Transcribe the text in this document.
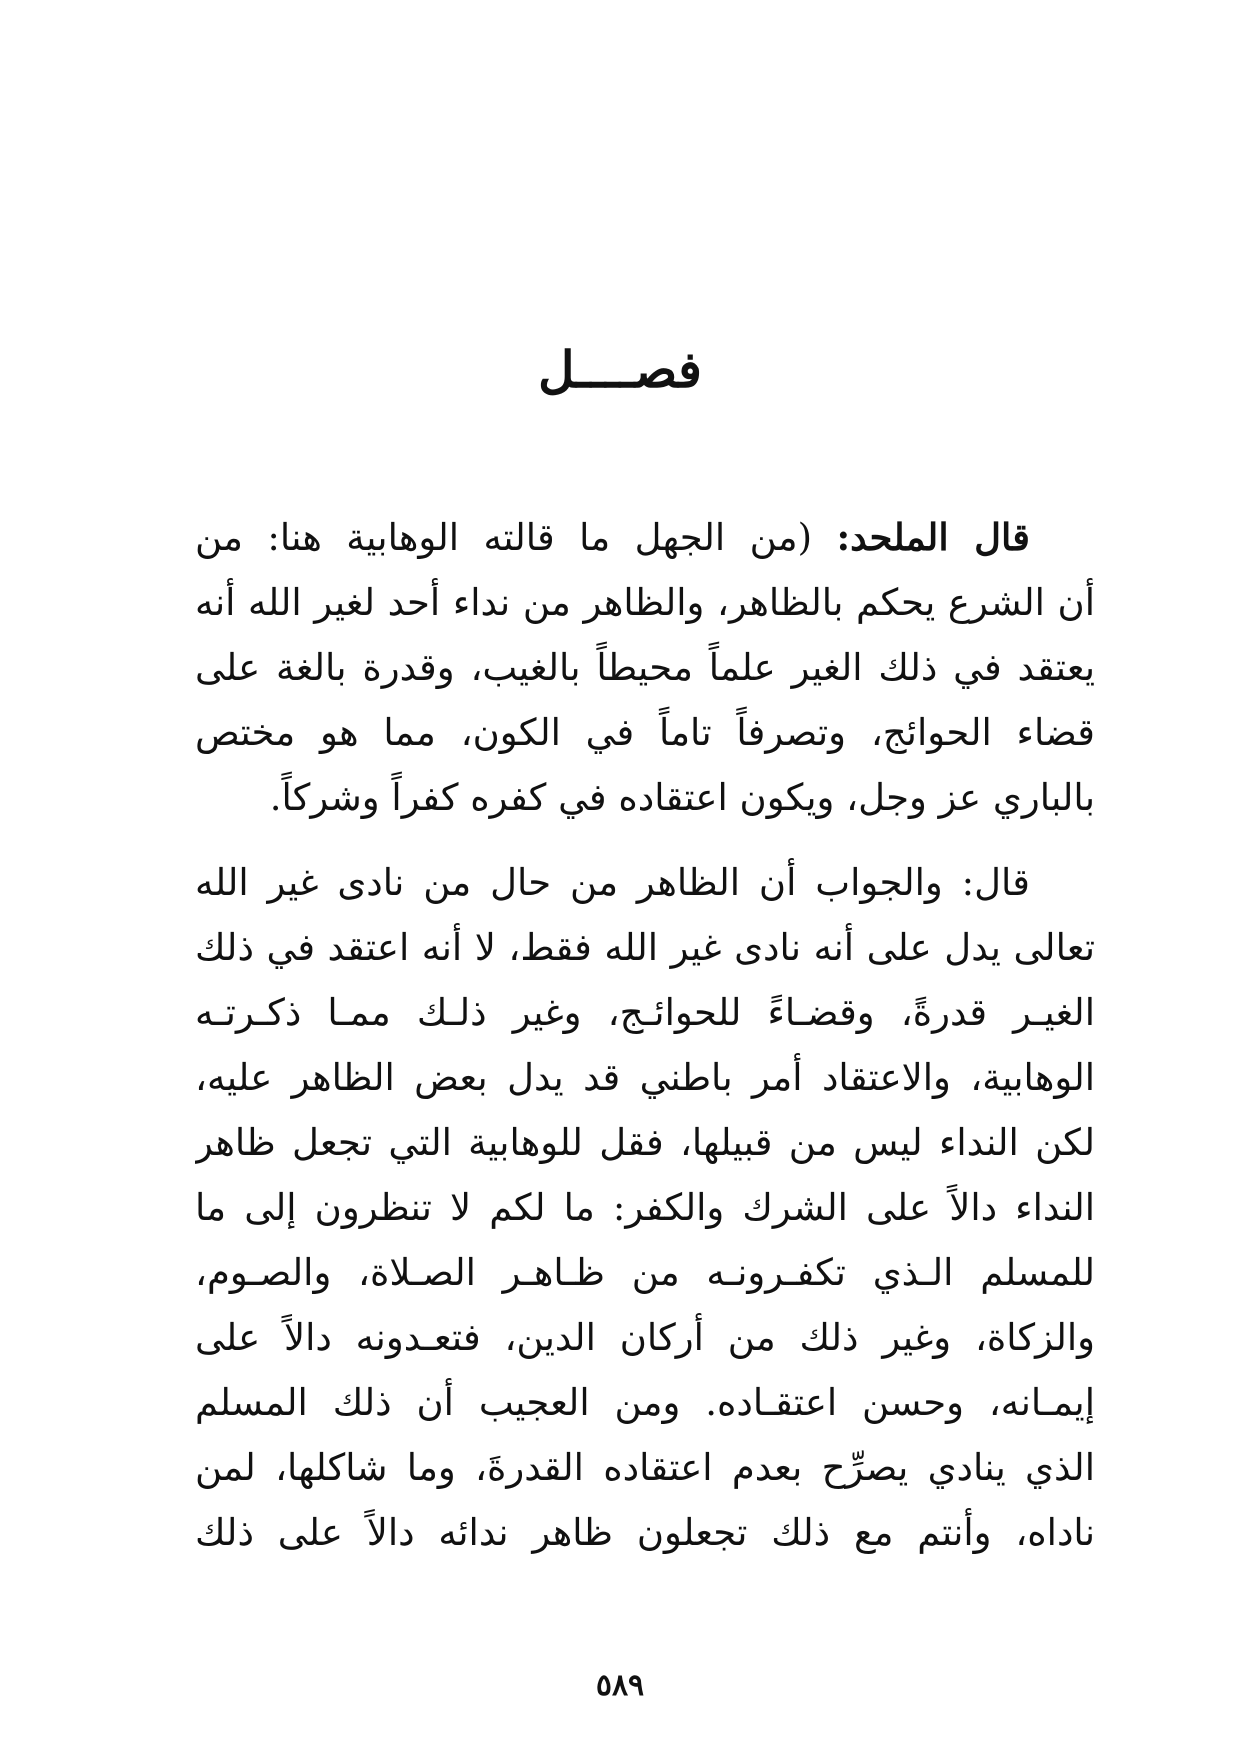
فصــــل
قال الملحد: (من الجهل ما قالته الوهابية هنا: من
أن الشرع يحكم بالظاهر، والظاهر من نداء أحد لغير الله أنه
يعتقد في ذلك الغير علماً محيطاً بالغيب، وقدرة بالغة على
قضاء الحوائج، وتصرفاً تاماً في الكون، مما هو مختص
بالباري عز وجل، ويكون اعتقاده في كفره كفراً وشركاً.
قال: والجواب أن الظاهر من حال من نادى غير الله
تعالى يدل على أنه نادى غير الله فقط، لا أنه اعتقد في ذلك
الغيـر قدرةً، وقضـاءً للحوائـج، وغير ذلـك ممـا ذكـرتـه
الوهابية، والاعتقاد أمر باطني قد يدل بعض الظاهر عليه،
لكن النداء ليس من قبيلها، فقل للوهابية التي تجعل ظاهر
النداء دالاً على الشرك والكفر: ما لكم لا تنظرون إلى ما
للمسلم الـذي تكفـرونـه من ظـاهـر الصـلاة، والصـوم،
والزكاة، وغير ذلك من أركان الدين، فتعـدونه دالاً على
إيمـانه، وحسن اعتقـاده. ومن العجيب أن ذلك المسلم
الذي ينادي يصرِّح بعدم اعتقاده القدرةَ، وما شاكلها، لمن
ناداه، وأنتم مع ذلك تجعلون ظاهر ندائه دالاً على ذلك
٥٨٩
